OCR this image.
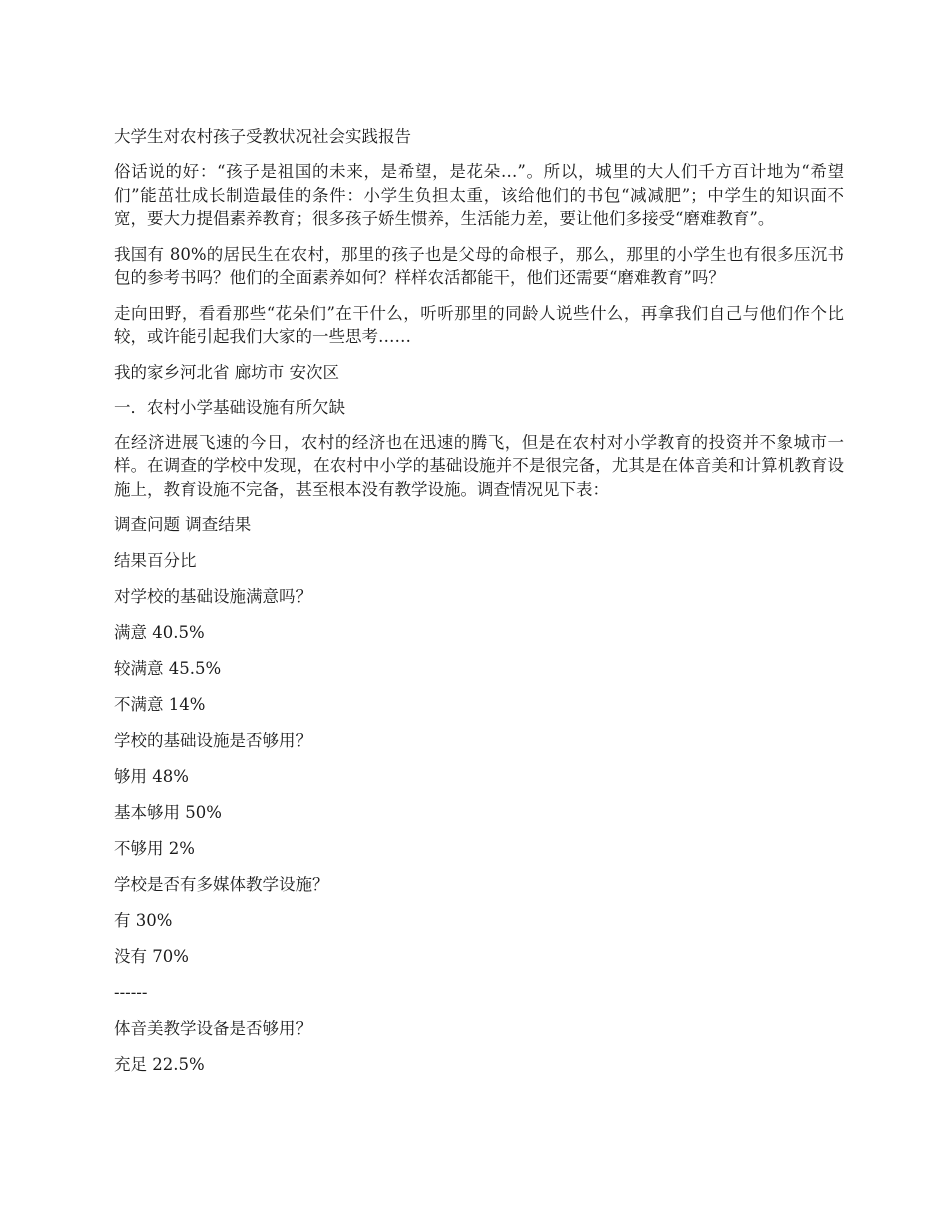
大学生对农村孩子受教状况社会实践报告

俗话说的好：“孩子是祖国的未来，是希望，是花朵…”。所以，城里的大人们千方百计地为“希望们”能茁壮成长制造最佳的条件：小学生负担太重，该给他们的书包“减减肥”；中学生的知识面不宽，要大力提倡素养教育；很多孩子娇生惯养，生活能力差，要让他们多接受“磨难教育”。

我国有 80%的居民生在农村，那里的孩子也是父母的命根子，那么，那里的小学生也有很多压沉书包的参考书吗？他们的全面素养如何？样样农活都能干，他们还需要“磨难教育”吗？

走向田野，看看那些“花朵们”在干什么，听听那里的同龄人说些什么，再拿我们自己与他们作个比较，或许能引起我们大家的一些思考……

我的家乡河北省 廊坊市 安次区

一．农村小学基础设施有所欠缺

在经济进展飞速的今日，农村的经济也在迅速的腾飞，但是在农村对小学教育的投资并不象城市一样。在调查的学校中发现，在农村中小学的基础设施并不是很完备，尤其是在体音美和计算机教育设施上，教育设施不完备，甚至根本没有教学设施。调查情况见下表：

调查问题 调查结果

结果百分比

对学校的基础设施满意吗？

满意 40.5%

较满意 45.5%

不满意 14%

学校的基础设施是否够用？

够用 48%

基本够用 50%

不够用 2%

学校是否有多媒体教学设施？

有 30%

没有 70%

------

体音美教学设备是否够用？

充足 22.5%
